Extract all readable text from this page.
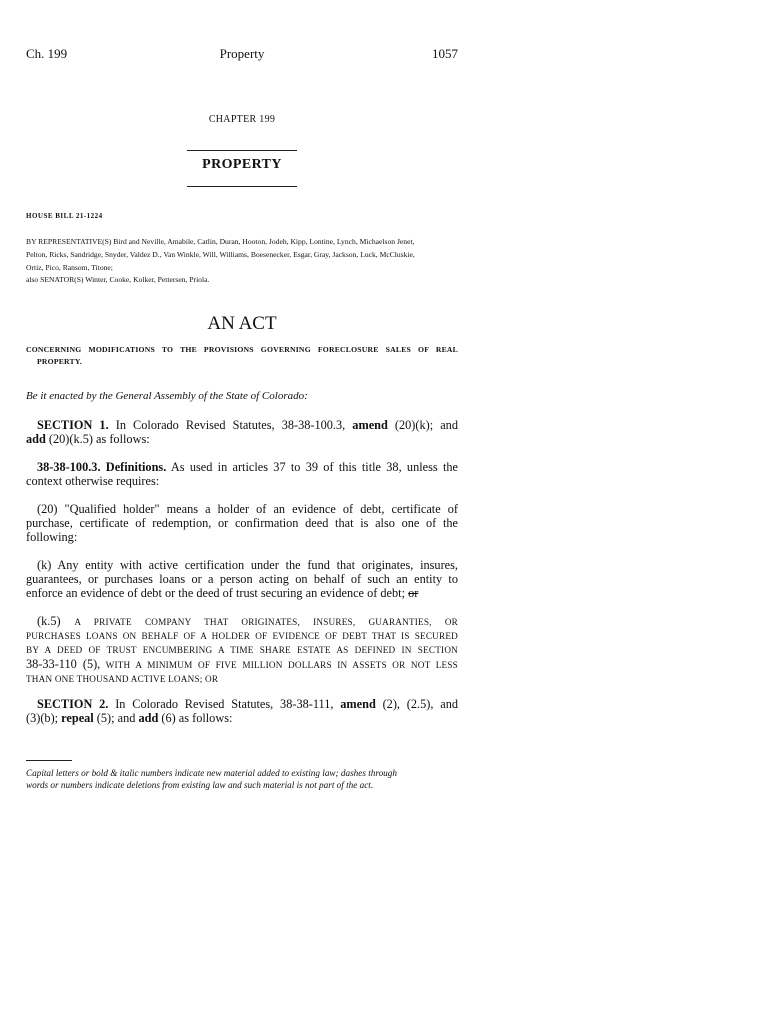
Ch. 199	Property	1057
CHAPTER 199
PROPERTY
HOUSE BILL 21-1224
BY REPRESENTATIVE(S) Bird and Neville, Amabile, Catlin, Duran, Hooton, Jodeh, Kipp, Lontine, Lynch, Michaelson Jenet,
Pelton, Ricks, Sandridge, Snyder, Valdez D., Van Winkle, Will, Williams, Boesenecker, Esgar, Gray, Jackson, Luck, McCluskie,
Ortiz, Pico, Ransom, Titone;
also SENATOR(S) Winter, Cooke, Kolker, Pettersen, Priola.
AN ACT
CONCERNING MODIFICATIONS TO THE PROVISIONS GOVERNING FORECLOSURE SALES OF REAL
PROPERTY.
Be it enacted by the General Assembly of the State of Colorado:
SECTION 1. In Colorado Revised Statutes, 38-38-100.3, amend (20)(k); and
add (20)(k.5) as follows:
38-38-100.3. Definitions. As used in articles 37 to 39 of this title 38, unless the
context otherwise requires:
(20) "Qualified holder" means a holder of an evidence of debt, certificate of
purchase, certificate of redemption, or confirmation deed that is also one of the
following:
(k) Any entity with active certification under the fund that originates, insures,
guarantees, or purchases loans or a person acting on behalf of such an entity to
enforce an evidence of debt or the deed of trust securing an evidence of debt; or
(k.5) A PRIVATE COMPANY THAT ORIGINATES, INSURES, GUARANTIES, OR
PURCHASES LOANS ON BEHALF OF A HOLDER OF EVIDENCE OF DEBT THAT IS SECURED
BY A DEED OF TRUST ENCUMBERING A TIME SHARE ESTATE AS DEFINED IN SECTION
38-33-110 (5), WITH A MINIMUM OF FIVE MILLION DOLLARS IN ASSETS OR NOT LESS
THAN ONE THOUSAND ACTIVE LOANS; OR
SECTION 2. In Colorado Revised Statutes, 38-38-111, amend (2), (2.5), and
(3)(b); repeal (5); and add (6) as follows:
Capital letters or bold & italic numbers indicate new material added to existing law; dashes through
words or numbers indicate deletions from existing law and such material is not part of the act.
